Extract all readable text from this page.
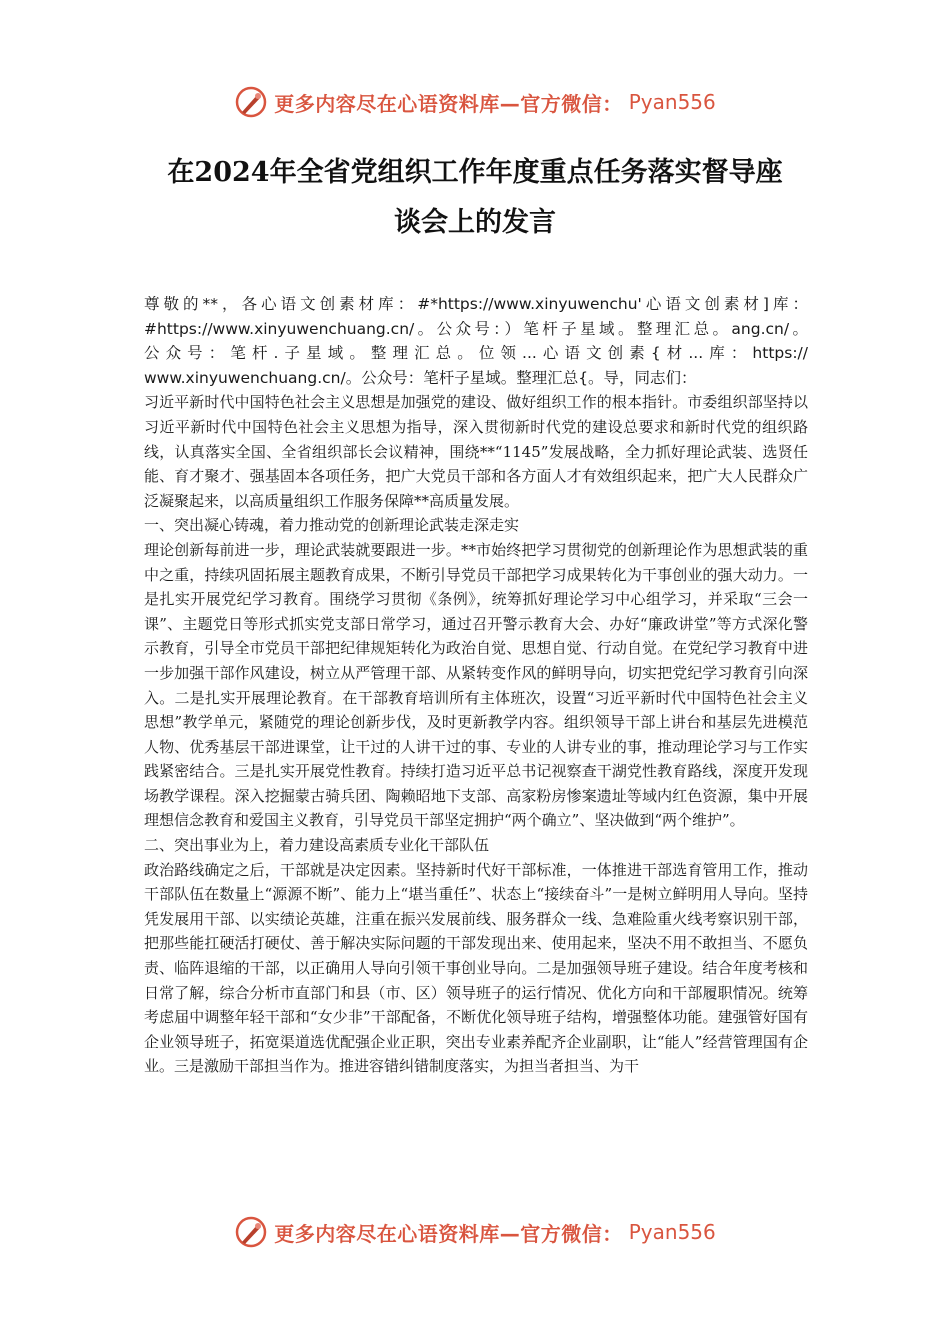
更多内容尽在心语资料库—官方微信： Pyan556
在2024年全省党组织工作年度重点任务落实督导座
谈会上的发言

尊敬的**，各心语文创素材库：#*https://www.xinyuwenchu'心语文创素材]库：

#https://www.xinyuwenchuang.cn/。公众号：）笔杆子星域。整理汇总。ang.cn/。

公众号：笔杆.子星域。整理汇总。位领...心语文创素{材...库：https://

www.xinyuwenchuang.cn/。公众号：笔杆子星域。整理汇总{。导，同志们：

习近平新时代中国特色社会主义思想是加强党的建设、做好组织工作的根本指针。市委组织部坚持以习近平新时代中国特色社会主义思想为指导，深入贯彻新时代党的建设总要求和新时代党的组织路线，认真落实全国、全省组织部长会议精神，围绕**“1145”发展战略，全力抓好理论武装、选贤任能、育才聚才、强基固本各项任务，把广大党员干部和各方面人才有效组织起来，把广大人民群众广泛凝聚起来，以高质量组织工作服务保障**高质量发展。

一、突出凝心铸魂，着力推动党的创新理论武装走深走实

理论创新每前进一步，理论武装就要跟进一步。**市始终把学习贯彻党的创新理论作为思想武装的重中之重，持续巩固拓展主题教育成果，不断引导党员干部把学习成果转化为干事创业的强大动力。一是扎实开展党纪学习教育。围绕学习贯彻《条例》，统筹抓好理论学习中心组学习，并采取“三会一课”、主题党日等形式抓实党支部日常学习，通过召开警示教育大会、办好“廉政讲堂”等方式深化警示教育，引导全市党员干部把纪律规矩转化为政治自觉、思想自觉、行动自觉。在党纪学习教育中进一步加强干部作风建设，树立从严管理干部、从紧转变作风的鲜明导向，切实把党纪学习教育引向深入。二是扎实开展理论教育。在干部教育培训所有主体班次，设置“习近平新时代中国特色社会主义思想”教学单元，紧随党的理论创新步伐，及时更新教学内容。组织领导干部上讲台和基层先进模范人物、优秀基层干部进课堂，让干过的人讲干过的事、专业的人讲专业的事，推动理论学习与工作实践紧密结合。三是扎实开展党性教育。持续打造习近平总书记视察查干湖党性教育路线，深度开发现场教学课程。深入挖掘蒙古骑兵团、陶赖昭地下支部、高家粉房惨案遗址等域内红色资源，集中开展理想信念教育和爱国主义教育，引导党员干部坚定拥护“两个确立”、坚决做到“两个维护”。

二、突出事业为上，着力建设高素质专业化干部队伍

政治路线确定之后，干部就是决定因素。坚持新时代好干部标准，一体推进干部选育管用工作，推动干部队伍在数量上“源源不断”、能力上“堪当重任”、状态上“接续奋斗”一是树立鲜明用人导向。坚持凭发展用干部、以实绩论英雄，注重在振兴发展前线、服务群众一线、急难险重火线考察识别干部，把那些能扛硬活打硬仗、善于解决实际问题的干部发现出来、使用起来，坚决不用不敢担当、不愿负责、临阵退缩的干部，以正确用人导向引领干事创业导向。二是加强领导班子建设。结合年度考核和日常了解，综合分析市直部门和县（市、区）领导班子的运行情况、优化方向和干部履职情况。统筹考虑届中调整年轻干部和“女少非”干部配备，不断优化领导班子结构，增强整体功能。建强管好国有企业领导班子，拓宽渠道选优配强企业正职，突出专业素养配齐企业副职，让“能人”经营管理国有企业。三是激励干部担当作为。推进容错纠错制度落实，为担当者担当、为干

更多内容尽在心语资料库—官方微信： Pyan556
